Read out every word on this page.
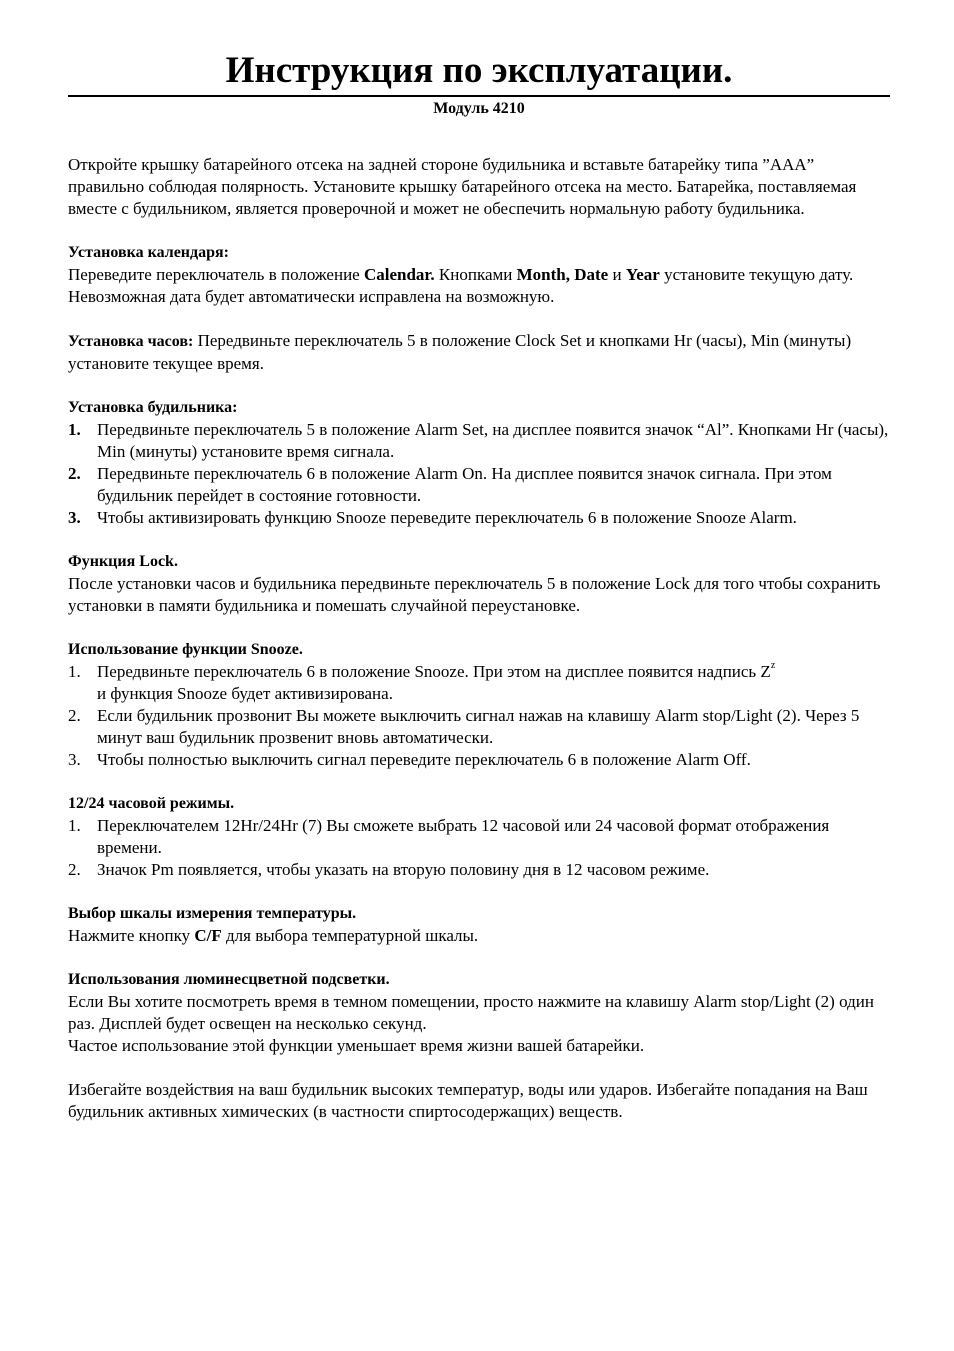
Инструкция по эксплуатации.
Модуль 4210

Откройте крышку батарейного отсека на задней стороне будильника и вставьте батарейку типа ”AAA” правильно соблюдая полярность. Установите крышку батарейного отсека на место. Батарейка, поставляемая вместе с будильником, является проверочной и может не обеспечить нормальную работу будильника.

Установка календаря:

Переведите переключатель в положение Calendar. Кнопками Month, Date и Year установите текущую дату. Невозможная дата будет автоматически исправлена на возможную.

Установка часов: Передвиньте переключатель 5 в положение Clock Set и кнопками Hr (часы), Min (минуты) установите текущее время.

Установка будильника:
1. Передвиньте переключатель 5 в положение Alarm Set, на дисплее появится значок “Al”. Кнопками Hr (часы), Min (минуты) установите время сигнала.
2. Передвиньте переключатель 6 в положение Alarm On. На дисплее появится значок сигнала. При этом будильник перейдет в состояние готовности.
3. Чтобы активизировать функцию Snooze переведите переключатель 6 в положение Snooze Alarm.
Функция Lock.

После установки часов и будильника передвиньте переключатель 5 в положение Lock для того чтобы сохранить установки в памяти будильника и помешать случайной переустановке.

Использование функции Snooze.
1. Передвиньте переключатель 6 в положение Snooze. При этом на дисплее появится надпись $Z^z$
и функция Snooze будет активизирована.
2. Если будильник прозвонит Вы можете выключить сигнал нажав на клавишу Alarm stop/Light (2). Через 5 минут ваш будильник прозвенит вновь автоматически.
3. Чтобы полностью выключить сигнал переведите переключатель 6 в положение Alarm Off.
12/24 часовой режимы.
1. Переключателем 12Hr/24Hr (7) Вы сможете выбрать 12 часовой или 24 часовой формат отображения времени.
2. Значок Pm появляется, чтобы указать на вторую половину дня в 12 часовом режиме.
Выбор шкалы измерения температуры.

Нажмите кнопку C/F для выбора температурной шкалы.

Использования люминесцветной подсветки.

Если Вы хотите посмотреть время в темном помещении, просто нажмите на клавишу Alarm stop/Light (2) один раз. Дисплей будет освещен на несколько секунд.

Частое использование этой функции уменьшает время жизни вашей батарейки.

Избегайте воздействия на ваш будильник высоких температур, воды или ударов. Избегайте попадания на Ваш будильник активных химических (в частности спиртосодержащих) веществ.
